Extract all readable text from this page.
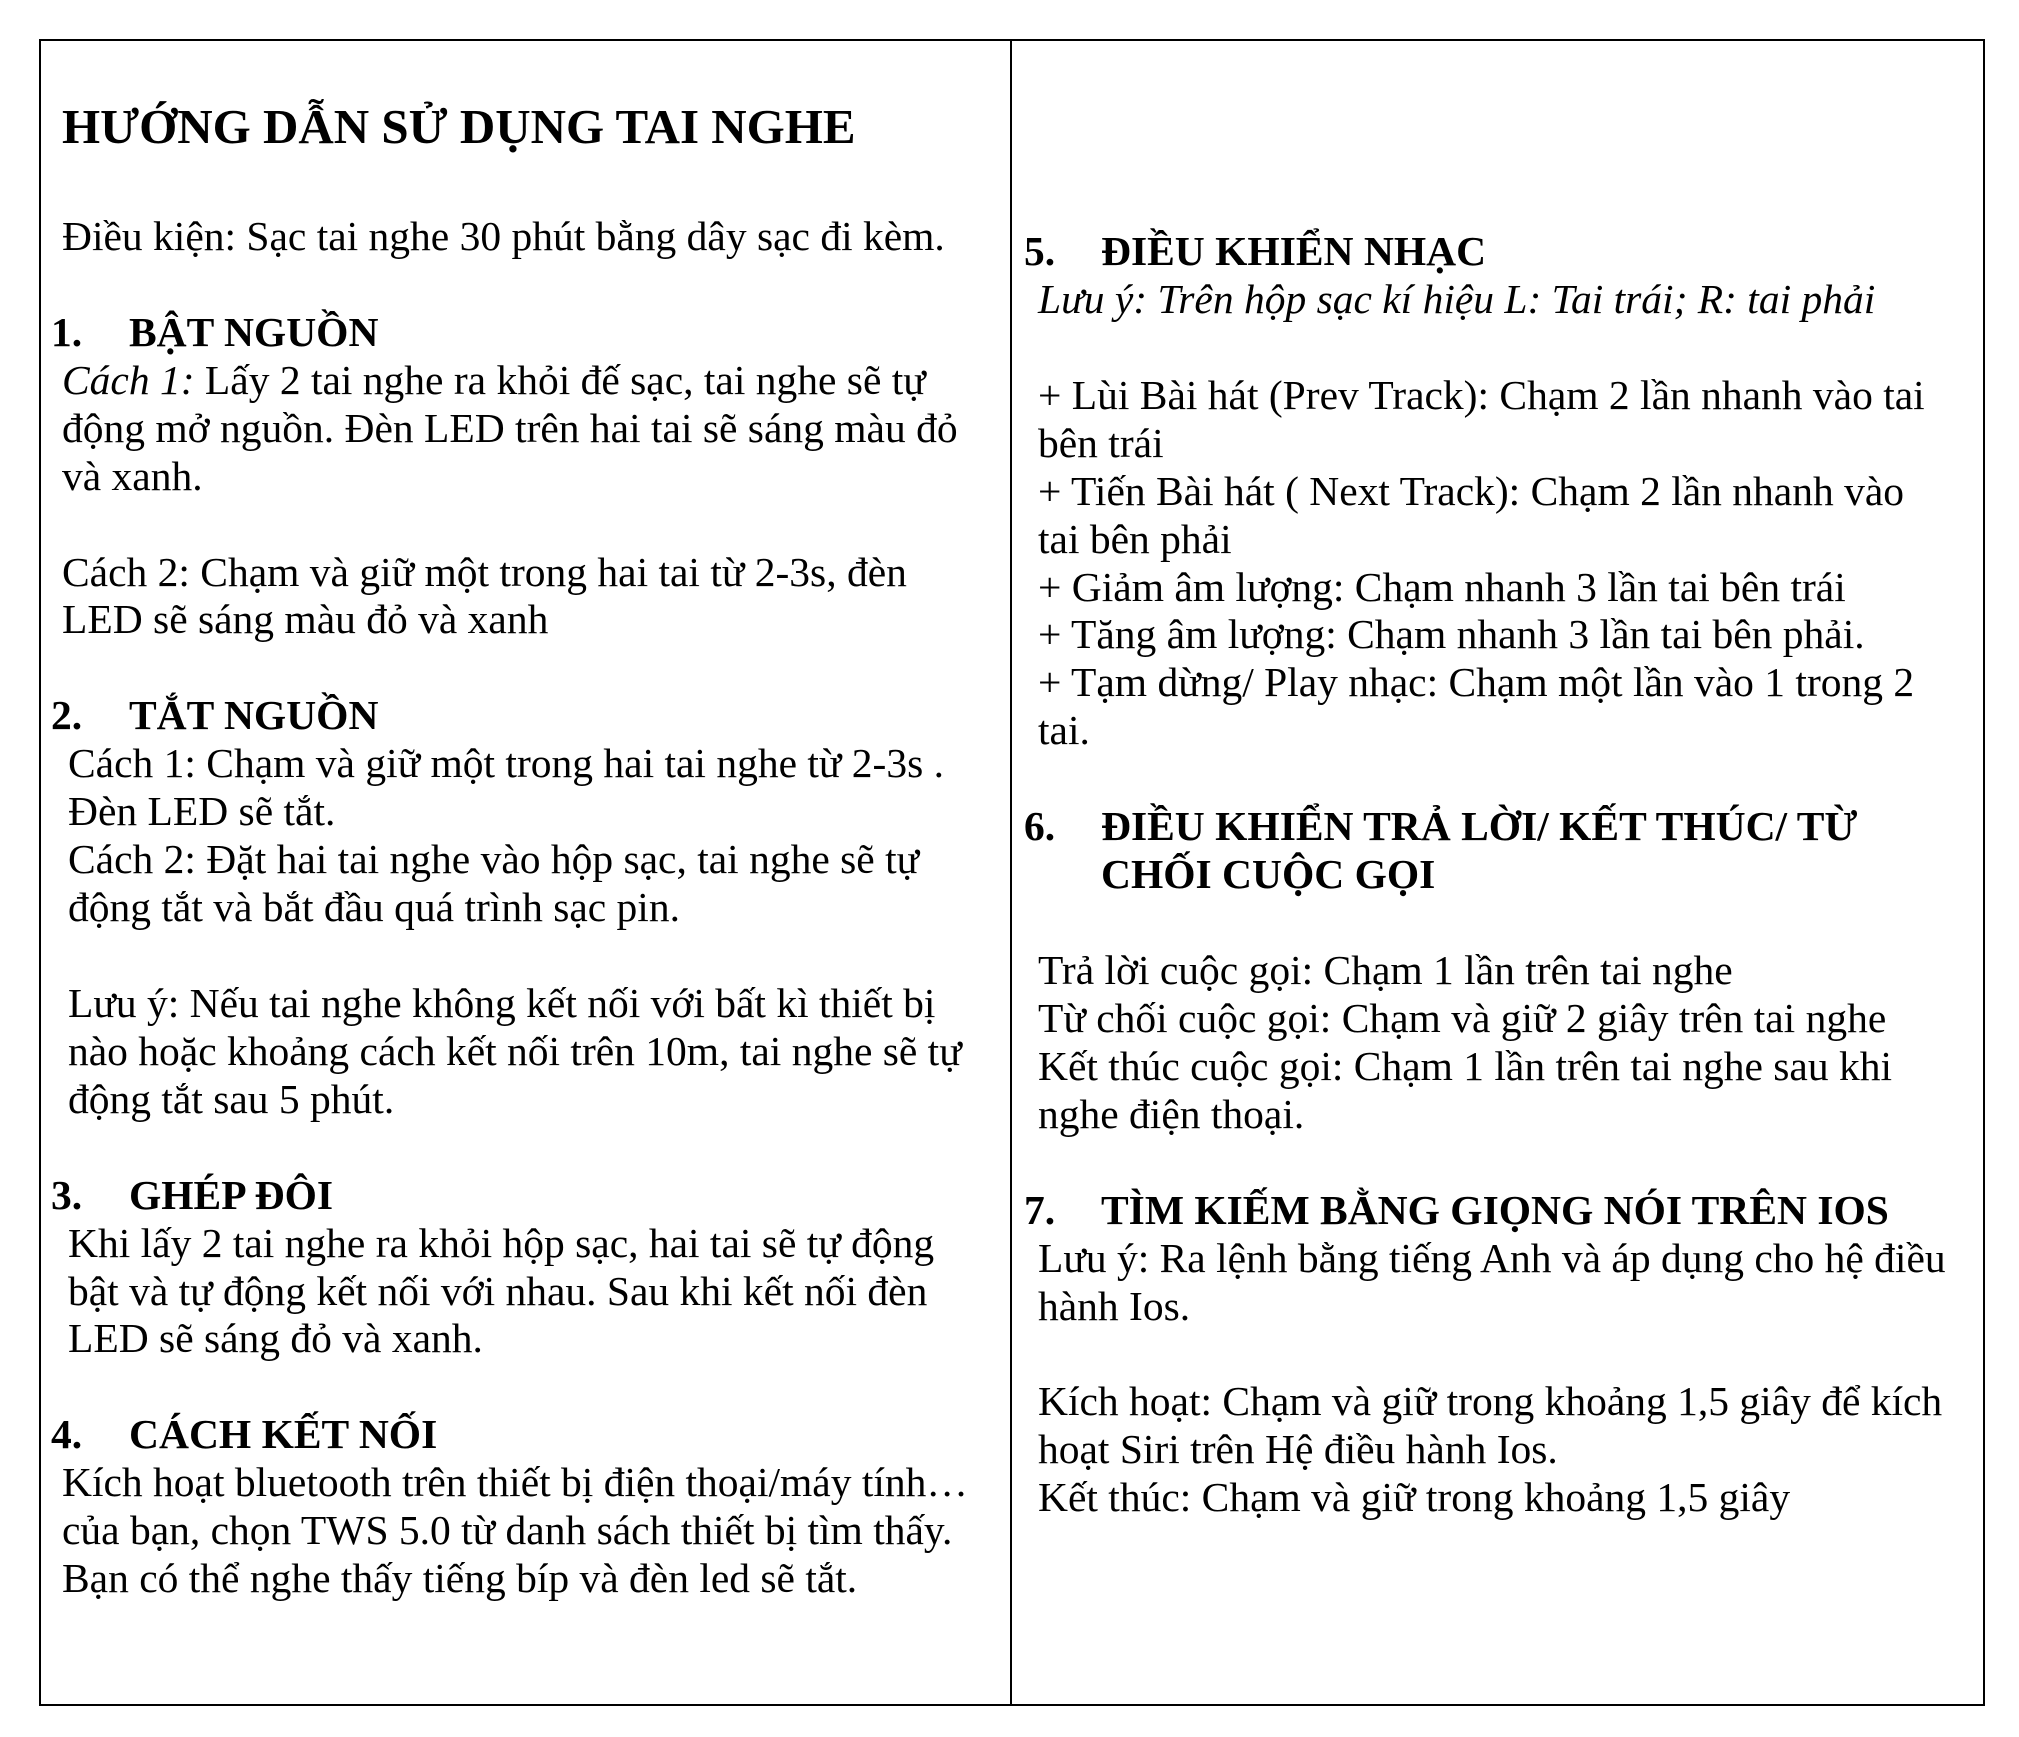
HƯỚNG DẪN SỬ DỤNG TAI NGHE
Điều kiện: Sạc tai nghe 30 phút bằng dây sạc đi kèm.
1. BẬT NGUỒN
Cách 1: Lấy 2 tai nghe ra khỏi đế sạc, tai nghe sẽ tự
động mở nguồn. Đèn LED trên hai tai sẽ sáng màu đỏ
và xanh.
Cách 2: Chạm và giữ một trong hai tai từ 2-3s, đèn
LED sẽ sáng màu đỏ và xanh
2. TẮT NGUỒN
Cách 1: Chạm và giữ một trong hai tai nghe từ 2-3s .
Đèn LED sẽ tắt.
Cách 2: Đặt hai tai nghe vào hộp sạc, tai nghe sẽ tự
động tắt và bắt đầu quá trình sạc pin.
Lưu ý: Nếu tai nghe không kết nối với bất kì thiết bị
nào hoặc khoảng cách kết nối trên 10m, tai nghe sẽ tự
động tắt sau 5 phút.
3. GHÉP ĐÔI
Khi lấy 2 tai nghe ra khỏi hộp sạc, hai tai sẽ tự động
bật và tự động kết nối với nhau. Sau khi kết nối đèn
LED sẽ sáng đỏ và xanh.
4. CÁCH KẾT NỐI
Kích hoạt bluetooth trên thiết bị điện thoại/máy tính…
của bạn, chọn TWS 5.0 từ danh sách thiết bị tìm thấy.
Bạn có thể nghe thấy tiếng bíp và đèn led sẽ tắt.
5. ĐIỀU KHIỂN NHẠC
Lưu ý: Trên hộp sạc kí hiệu L: Tai trái; R: tai phải
+ Lùi Bài hát (Prev Track): Chạm 2 lần nhanh vào tai
bên trái
+ Tiến Bài hát ( Next Track): Chạm 2 lần nhanh vào
tai bên phải
+ Giảm âm lượng: Chạm nhanh 3 lần tai bên trái
+ Tăng âm lượng: Chạm nhanh 3 lần tai bên phải.
+ Tạm dừng/ Play nhạc: Chạm một lần vào 1 trong 2
tai.
6. ĐIỀU KHIỂN TRẢ LỜI/ KẾT THÚC/ TỪ
CHỐI CUỘC GỌI
Trả lời cuộc gọi: Chạm 1 lần trên tai nghe
Từ chối cuộc gọi: Chạm và giữ 2 giây trên tai nghe
Kết thúc cuộc gọi: Chạm 1 lần trên tai nghe sau khi
nghe điện thoại.
7. TÌM KIẾM BẰNG GIỌNG NÓI TRÊN IOS
Lưu ý: Ra lệnh bằng tiếng Anh và áp dụng cho hệ điều
hành Ios.
Kích hoạt: Chạm và giữ trong khoảng 1,5 giây để kích
hoạt Siri trên Hệ điều hành Ios.
Kết thúc: Chạm và giữ trong khoảng 1,5 giây
